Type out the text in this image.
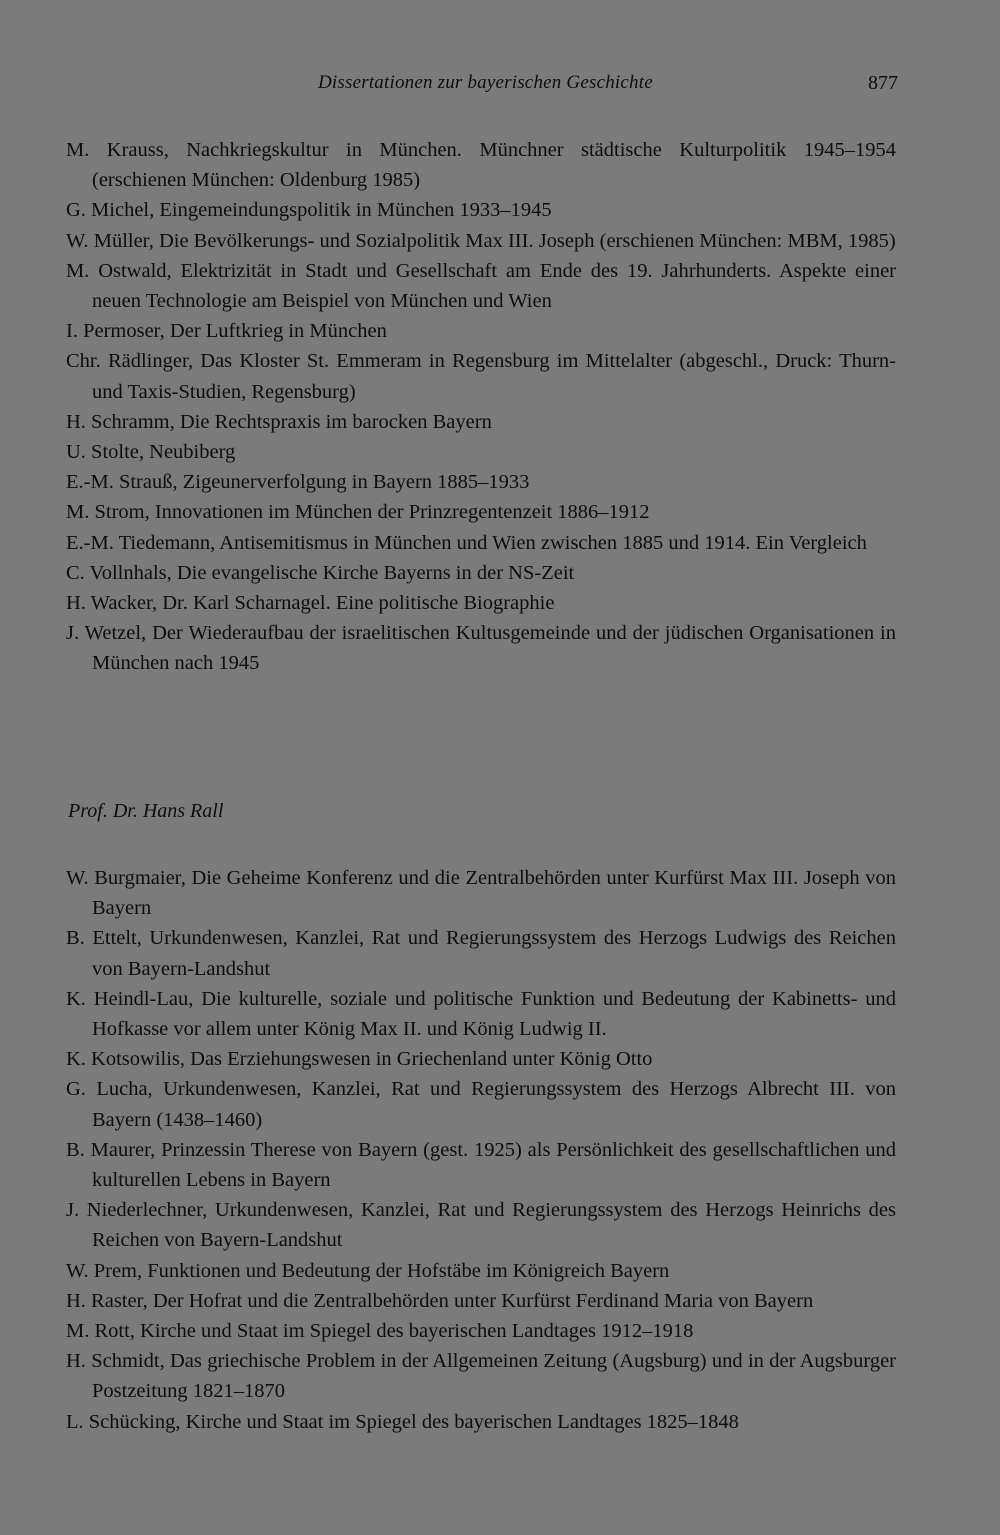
Dissertationen zur bayerischen Geschichte	877
M. Krauss, Nachkriegskultur in München. Münchner städtische Kulturpolitik 1945–1954 (erschienen München: Oldenburg 1985)
G. Michel, Eingemeindungspolitik in München 1933–1945
W. Müller, Die Bevölkerungs- und Sozialpolitik Max III. Joseph (erschienen München: MBM, 1985)
M. Ostwald, Elektrizität in Stadt und Gesellschaft am Ende des 19. Jahrhunderts. Aspekte einer neuen Technologie am Beispiel von München und Wien
I. Permoser, Der Luftkrieg in München
Chr. Rädlinger, Das Kloster St. Emmeram in Regensburg im Mittelalter (abgeschl., Druck: Thurn- und Taxis-Studien, Regensburg)
H. Schramm, Die Rechtspraxis im barocken Bayern
U. Stolte, Neubiberg
E.-M. Strauß, Zigeunerverfolgung in Bayern 1885–1933
M. Strom, Innovationen im München der Prinzregentenzeit 1886–1912
E.-M. Tiedemann, Antisemitismus in München und Wien zwischen 1885 und 1914. Ein Vergleich
C. Vollnhals, Die evangelische Kirche Bayerns in der NS-Zeit
H. Wacker, Dr. Karl Scharnagel. Eine politische Biographie
J. Wetzel, Der Wiederaufbau der israelitischen Kultusgemeinde und der jüdischen Organisationen in München nach 1945
Prof. Dr. Hans Rall
W. Burgmaier, Die Geheime Konferenz und die Zentralbehörden unter Kurfürst Max III. Joseph von Bayern
B. Ettelt, Urkundenwesen, Kanzlei, Rat und Regierungssystem des Herzogs Ludwigs des Reichen von Bayern-Landshut
K. Heindl-Lau, Die kulturelle, soziale und politische Funktion und Bedeutung der Kabinetts- und Hofkasse vor allem unter König Max II. und König Ludwig II.
K. Kotsowilis, Das Erziehungswesen in Griechenland unter König Otto
G. Lucha, Urkundenwesen, Kanzlei, Rat und Regierungssystem des Herzogs Albrecht III. von Bayern (1438–1460)
B. Maurer, Prinzessin Therese von Bayern (gest. 1925) als Persönlichkeit des gesellschaftlichen und kulturellen Lebens in Bayern
J. Niederlechner, Urkundenwesen, Kanzlei, Rat und Regierungssystem des Herzogs Heinrichs des Reichen von Bayern-Landshut
W. Prem, Funktionen und Bedeutung der Hofstäbe im Königreich Bayern
H. Raster, Der Hofrat und die Zentralbehörden unter Kurfürst Ferdinand Maria von Bayern
M. Rott, Kirche und Staat im Spiegel des bayerischen Landtages 1912–1918
H. Schmidt, Das griechische Problem in der Allgemeinen Zeitung (Augsburg) und in der Augsburger Postzeitung 1821–1870
L. Schücking, Kirche und Staat im Spiegel des bayerischen Landtages 1825–1848
